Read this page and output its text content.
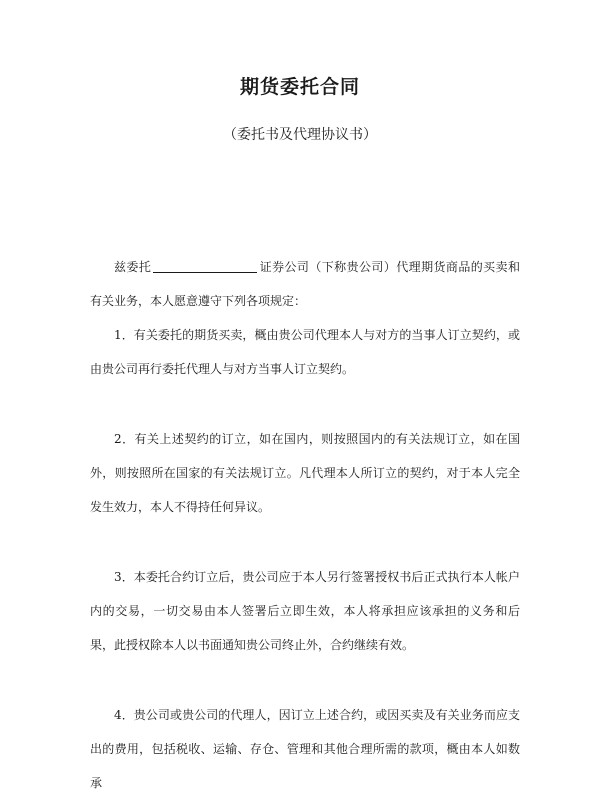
期货委托合同

（委托书及代理协议书）

兹委托	证券公司（下称贵公司）代理期货商品的买卖和有关业务，本人愿意遵守下列各项规定：

1．有关委托的期货买卖，概由贵公司代理本人与对方的当事人订立契约，或由贵公司再行委托代理人与对方当事人订立契约。

2．有关上述契约的订立，如在国内，则按照国内的有关法规订立，如在国外，则按照所在国家的有关法规订立。凡代理本人所订立的契约，对于本人完全发生效力，本人不得持任何异议。

3．本委托合约订立后，贵公司应于本人另行签署授权书后正式执行本人帐户内的交易，一切交易由本人签署后立即生效，本人将承担应该承担的义务和后果，此授权除本人以书面通知贵公司终止外，合约继续有效。

4．贵公司或贵公司的代理人，因订立上述合约，或因买卖及有关业务而应支出的费用，包括税收、运输、存仓、管理和其他合理所需的款项，概由本人如数承
